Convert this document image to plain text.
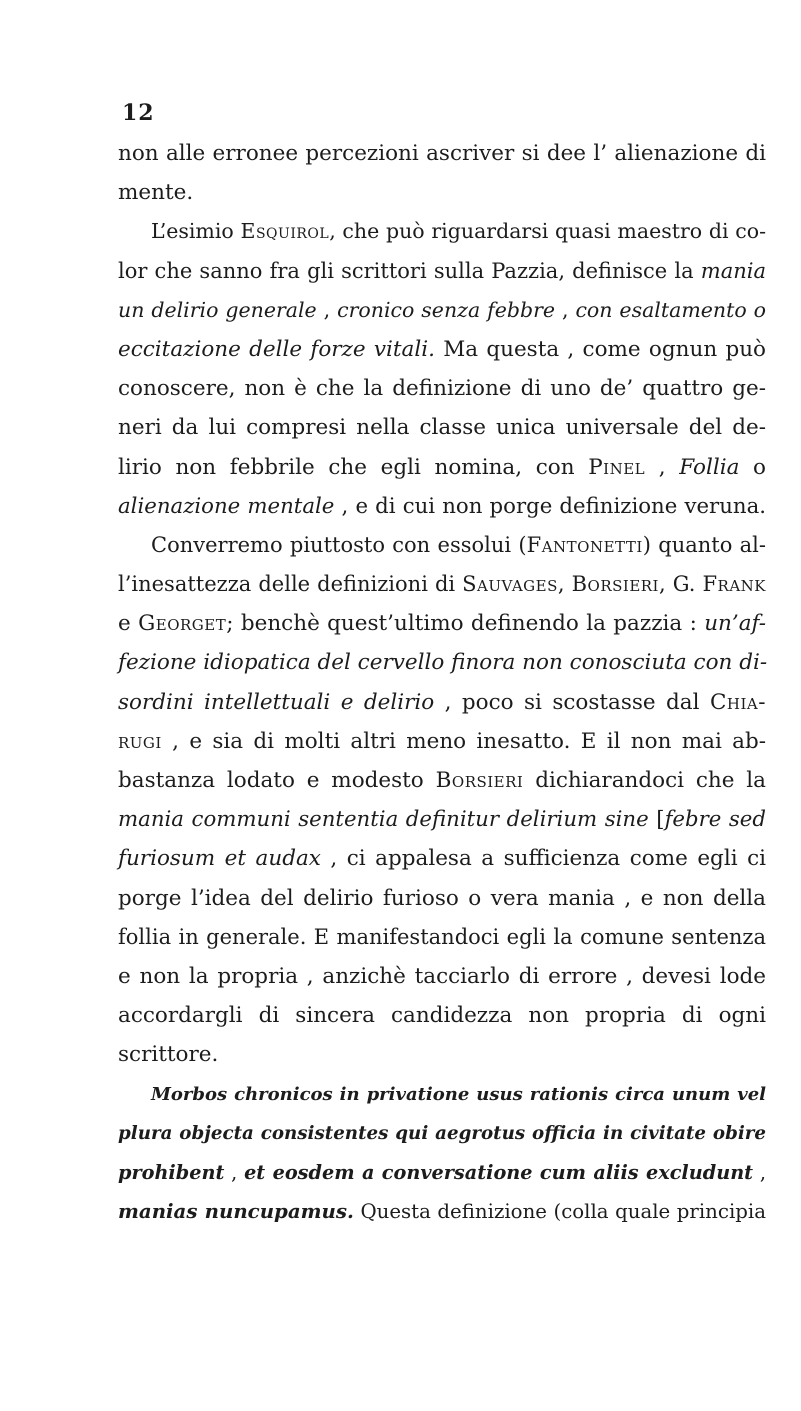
12
non alle erronee percezioni ascriver si dee l’ alienazione di
mente.
L’esimio Esquirol, che può riguardarsi quasi maestro di co-
lor che sanno fra gli scrittori sulla Pazzia, definisce la mania
un delirio generale , cronico senza febbre , con esaltamento o
eccitazione delle forze vitali. Ma questa , come ognun può
conoscere, non è che la definizione di uno de’ quattro ge-
neri da lui compresi nella classe unica universale del de-
lirio non febbrile che egli nomina, con Pinel , Follia o
alienazione mentale , e di cui non porge definizione veruna.
Converremo piuttosto con essolui (Fantonetti) quanto al-
l’inesattezza delle definizioni di Sauvages, Borsieri, G. Frank
e Georget; benchè quest’ultimo definendo la pazzia : un’af-
fezione idiopatica del cervello finora non conosciuta con di-
sordini intellettuali e delirio , poco si scostasse dal Chia-
rugi , e sia di molti altri meno inesatto. E il non mai ab-
bastanza lodato e modesto Borsieri dichiarandoci che la
mania communi sententia definitur delirium sine [febre sed
furiosum et audax , ci appalesa a sufficienza come egli ci
porge l’idea del delirio furioso o vera mania , e non della
follia in generale. E manifestandoci egli la comune sentenza
e non la propria , anzichè tacciarlo di errore , devesi lode
accordargli di sincera candidezza non propria di ogni
scrittore.
Morbos chronicos in privatione usus rationis circa unum vel
plura objecta consistentes qui aegrotus officia in civitate obire
prohibent , et eosdem a conversatione cum aliis excludunt ,
manias nuncupamus. Questa definizione (colla quale principia
